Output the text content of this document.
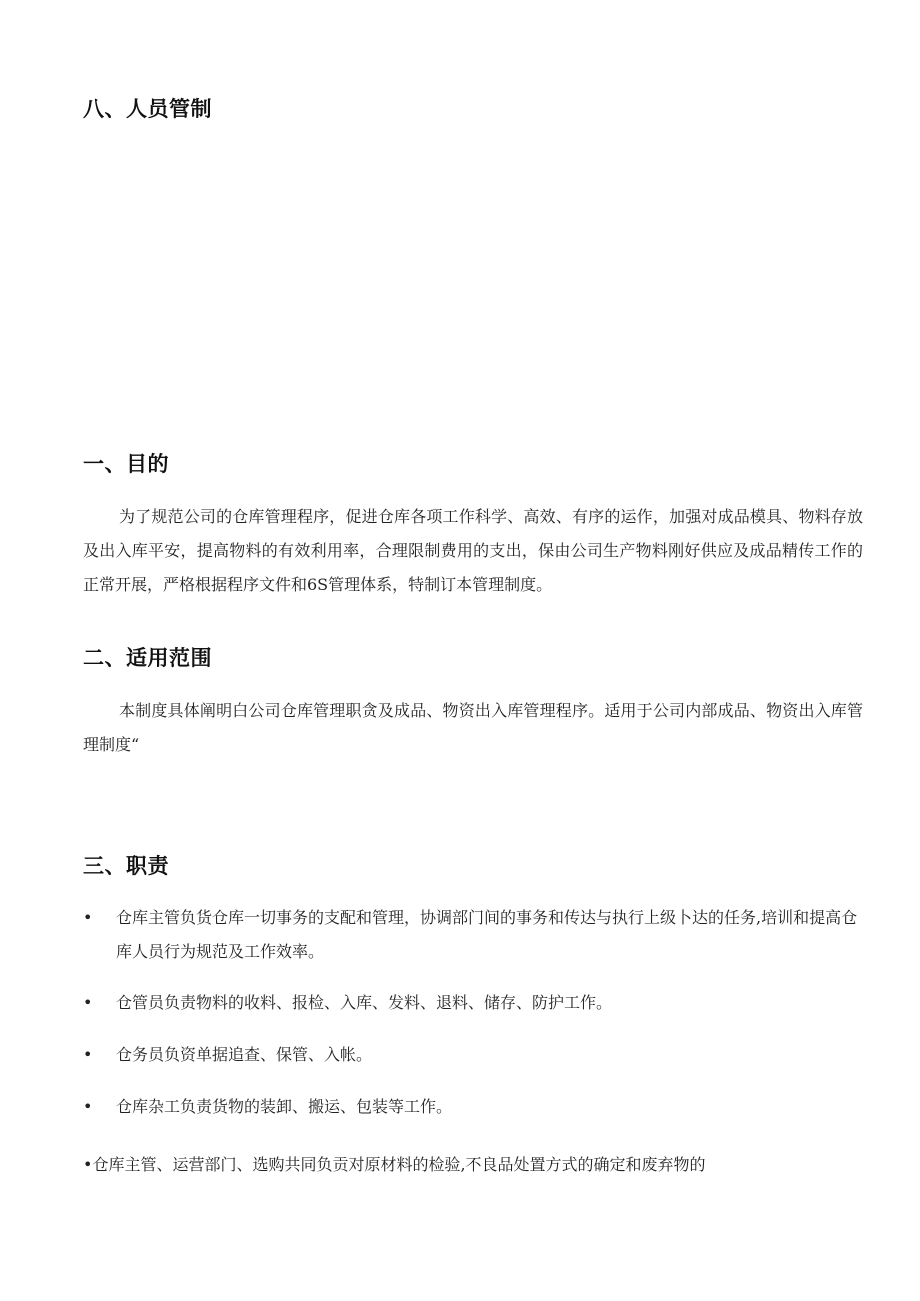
八、人员管制
一、目的

为了规范公司的仓库管理程序，促进仓库各项工作科学、高效、有序的运作，加强对成品模具、物料存放及出入库平安，提高物料的有效利用率，合理限制费用的支出，保由公司生产物料刚好供应及成品精传工作的正常开展，严格根据程序文件和6S管理体系，特制订本管理制度。

二、适用范围

本制度具体阐明白公司仓库管理职贪及成品、物资出入库管理程序。适用于公司内部成品、物资出入库管理制度“

三、职责
• 仓库主管负货仓库一切事务的支配和管理，协调部门间的事务和传达与执行上级卜达的任务,培训和提高仓库人员行为规范及工作效率。
• 仓管员负责物料的收料、报检、入库、发料、退料、储存、防护工作。
• 仓务员负资单据追查、保管、入帐。
• 仓库杂工负责货物的装卸、搬运、包装等工作。
•仓库主管、运营部门、选购共同负贡对原材料的检验,不良品处置方式的确定和废弃物的
